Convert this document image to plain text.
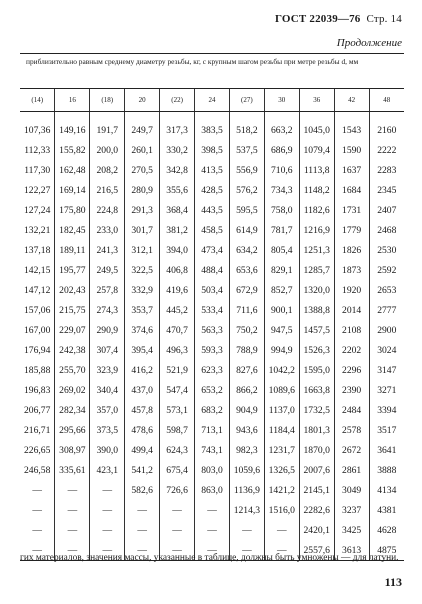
ГОСТ 22039—76 Стр. 14
Продолжение
приблизительно равным среднему диаметру резьбы, кг, с крупным шагом резьбы при метре резьбы d, мм
(14)	16	(18)	20	(22)	24	(27)	30	36	42	48
107,36	149,16	191,7	249,7	317,3	383,5	518,2	663,2	1045,0	1543	2160
112,33	155,82	200,0	260,1	330,2	398,5	537,5	686,9	1079,4	1590	2222
117,30	162,48	208,2	270,5	342,8	413,5	556,9	710,6	1113,8	1637	2283
122,27	169,14	216,5	280,9	355,6	428,5	576,2	734,3	1148,2	1684	2345
127,24	175,80	224,8	291,3	368,4	443,5	595,5	758,0	1182,6	1731	2407
132,21	182,45	233,0	301,7	381,2	458,5	614,9	781,7	1216,9	1779	2468
137,18	189,11	241,3	312,1	394,0	473,4	634,2	805,4	1251,3	1826	2530
142,15	195,77	249,5	322,5	406,8	488,4	653,6	829,1	1285,7	1873	2592
147,12	202,43	257,8	332,9	419,6	503,4	672,9	852,7	1320,0	1920	2653
157,06	215,75	274,3	353,7	445,2	533,4	711,6	900,1	1388,8	2014	2777
167,00	229,07	290,9	374,6	470,7	563,3	750,2	947,5	1457,5	2108	2900
176,94	242,38	307,4	395,4	496,3	593,3	788,9	994,9	1526,3	2202	3024
185,88	255,70	323,9	416,2	521,9	623,3	827,6	1042,2	1595,0	2296	3147
196,83	269,02	340,4	437,0	547,4	653,2	866,2	1089,6	1663,8	2390	3271
206,77	282,34	357,0	457,8	573,1	683,2	904,9	1137,0	1732,5	2484	3394
216,71	295,66	373,5	478,6	598,7	713,1	943,6	1184,4	1801,3	2578	3517
226,65	308,97	390,0	499,4	624,3	743,1	982,3	1231,7	1870,0	2672	3641
246,58	335,61	423,1	541,2	675,4	803,0	1059,6	1326,5	2007,6	2861	3888
—	—	—	582,6	726,6	863,0	1136,9	1421,2	2145,1	3049	4134
—	—	—	—	—	—	1214,3	1516,0	2282,6	3237	4381
—	—	—	—	—	—	—	—	2420,1	3425	4628
—	—	—	—	—	—	—	—	2557,6	3613	4875
гих материалов, значения массы, указанные в таблице, должны быть умножены — для латуни.
113
